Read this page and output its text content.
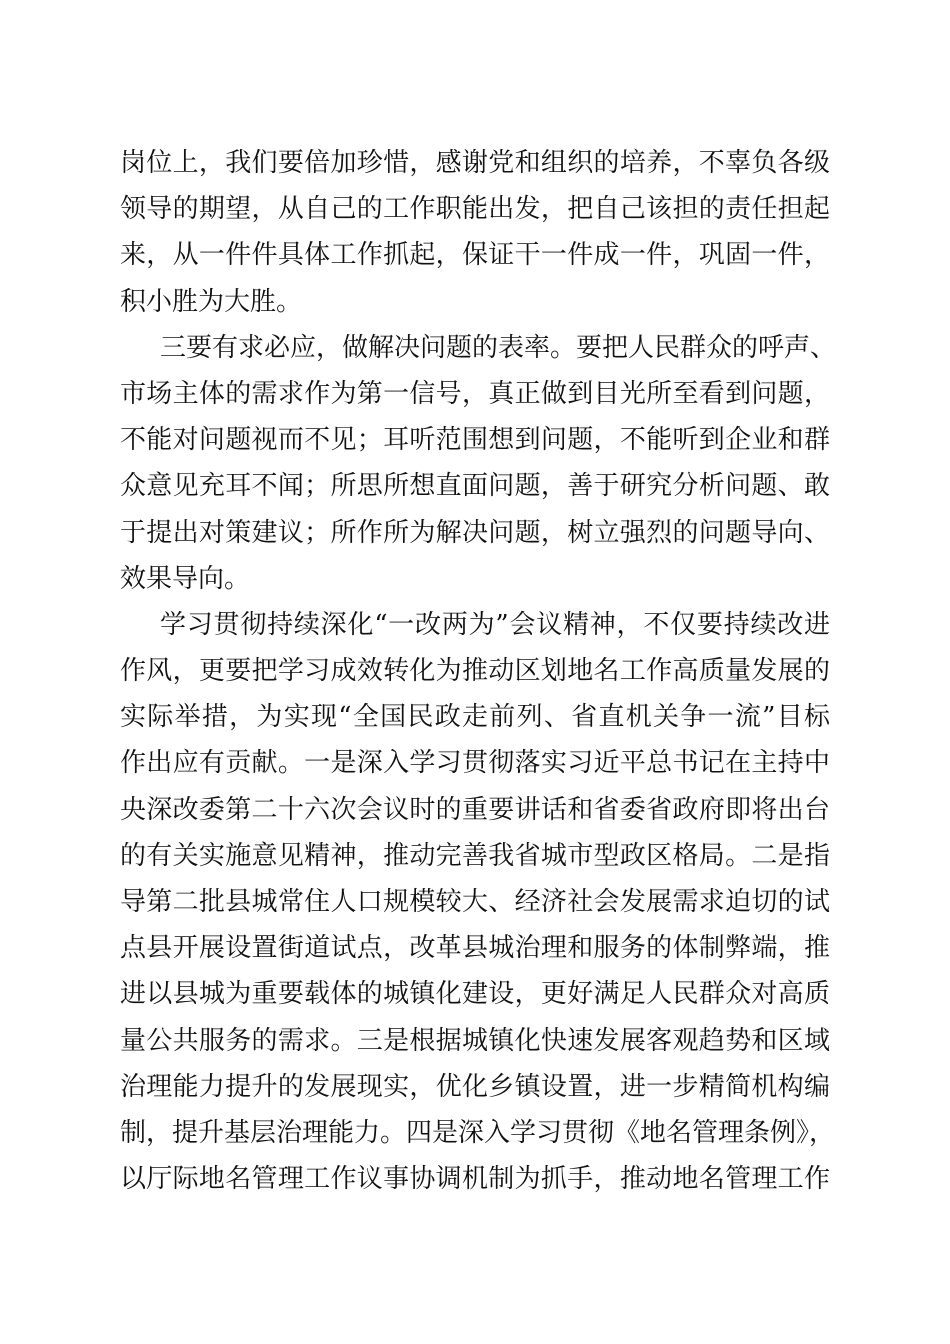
岗位上，我们要倍加珍惜，感谢党和组织的培养，不辜负各级
领导的期望，从自己的工作职能出发，把自己该担的责任担起
来，从一件件具体工作抓起，保证干一件成一件，巩固一件，
积小胜为大胜。
三要有求必应，做解决问题的表率。要把人民群众的呼声、
市场主体的需求作为第一信号，真正做到目光所至看到问题，
不能对问题视而不见；耳听范围想到问题，不能听到企业和群
众意见充耳不闻；所思所想直面问题，善于研究分析问题、敢
于提出对策建议；所作所为解决问题，树立强烈的问题导向、
效果导向。
学习贯彻持续深化“一改两为”会议精神，不仅要持续改进
作风，更要把学习成效转化为推动区划地名工作高质量发展的
实际举措，为实现“全国民政走前列、省直机关争一流”目标
作出应有贡献。一是深入学习贯彻落实习近平总书记在主持中
央深改委第二十六次会议时的重要讲话和省委省政府即将出台
的有关实施意见精神，推动完善我省城市型政区格局。二是指
导第二批县城常住人口规模较大、经济社会发展需求迫切的试
点县开展设置街道试点，改革县城治理和服务的体制弊端，推
进以县城为重要载体的城镇化建设，更好满足人民群众对高质
量公共服务的需求。三是根据城镇化快速发展客观趋势和区域
治理能力提升的发展现实，优化乡镇设置，进一步精简机构编
制，提升基层治理能力。四是深入学习贯彻《地名管理条例》，
以厅际地名管理工作议事协调机制为抓手，推动地名管理工作
